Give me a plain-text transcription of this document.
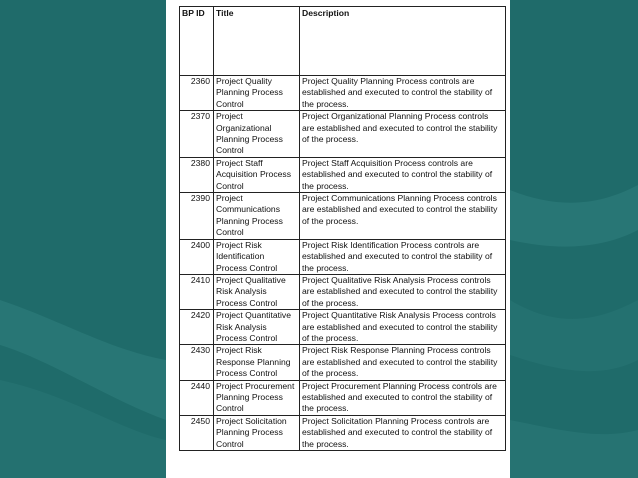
BP ID	Title	Description
2360	Project Quality Planning Process Control	Project Quality Planning Process controls are established and executed to control the stability of the process.
2370	Project Organizational Planning Process Control	Project Organizational Planning Process controls are established and executed to control the stability of the process.
2380	Project Staff Acquisition Process Control	Project Staff Acquisition Process controls are established and executed to control the stability of the process.
2390	Project Communications Planning Process Control	Project Communications Planning Process controls are established and executed to control the stability of the process.
2400	Project Risk Identification Process Control	Project Risk Identification Process controls are established and executed to control the stability of the process.
2410	Project Qualitative Risk Analysis Process Control	Project Qualitative Risk Analysis Process controls are established and executed to control the stability of the process.
2420	Project Quantitative Risk Analysis Process Control	Project Quantitative Risk Analysis Process controls are established and executed to control the stability of the process.
2430	Project Risk Response Planning Process Control	Project Risk Response Planning Process controls are established and executed to control the stability of the process.
2440	Project Procurement Planning Process Control	Project Procurement Planning Process controls are established and executed to control the stability of the process.
2450	Project Solicitation Planning Process Control	Project Solicitation Planning Process controls are established and executed to control the stability of the process.
